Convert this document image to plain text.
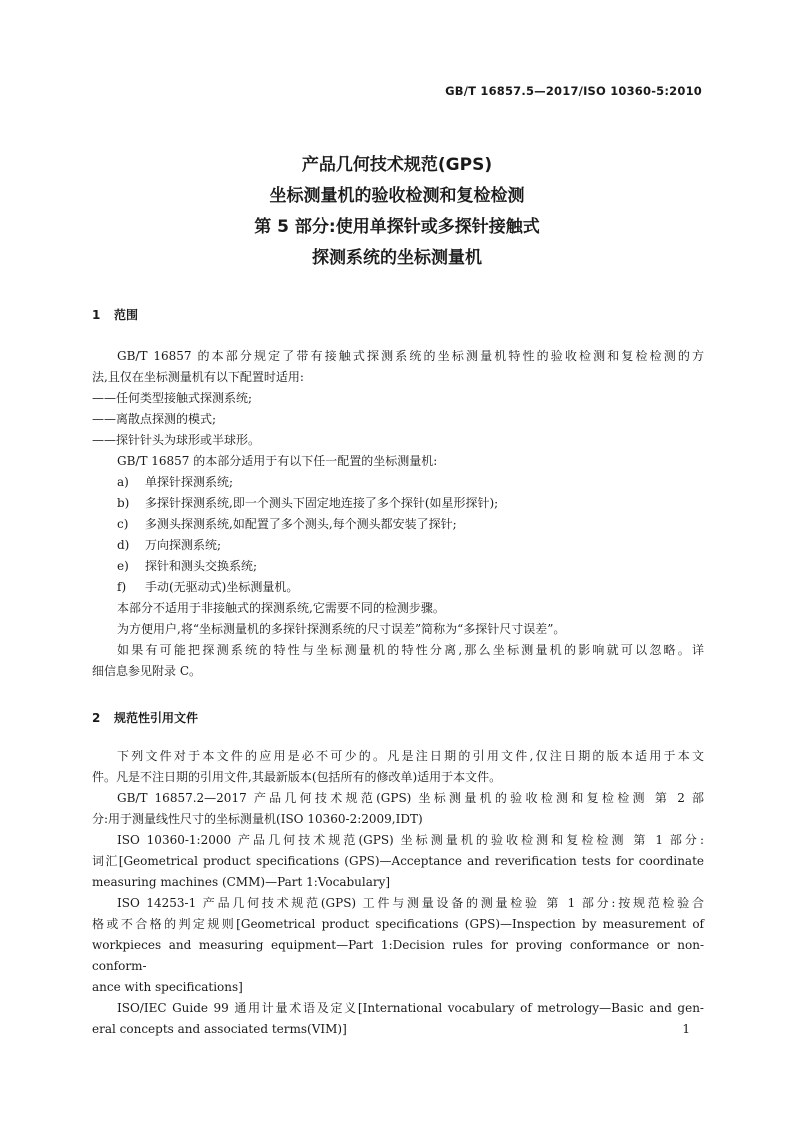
GB/T 16857.5—2017/ISO 10360-5:2010
产品几何技术规范(GPS)
坐标测量机的验收检测和复检检测
第 5 部分:使用单探针或多探针接触式
探测系统的坐标测量机
1 范围

GB/T 16857 的本部分规定了带有接触式探测系统的坐标测量机特性的验收检测和复检检测的方

法,且仅在坐标测量机有以下配置时适用:

——任何类型接触式探测系统;

——离散点探测的模式;

——探针针头为球形或半球形。

GB/T 16857 的本部分适用于有以下任一配置的坐标测量机:

a) 单探针探测系统;

b) 多探针探测系统,即一个测头下固定地连接了多个探针(如星形探针);

c) 多测头探测系统,如配置了多个测头,每个测头都安装了探针;

d) 万向探测系统;

e) 探针和测头交换系统;

f) 手动(无驱动式)坐标测量机。

本部分不适用于非接触式的探测系统,它需要不同的检测步骤。

为方便用户,将“坐标测量机的多探针探测系统的尺寸误差”简称为“多探针尺寸误差”。

如果有可能把探测系统的特性与坐标测量机的特性分离,那么坐标测量机的影响就可以忽略。详

细信息参见附录 C。

2 规范性引用文件

下列文件对于本文件的应用是必不可少的。凡是注日期的引用文件,仅注日期的版本适用于本文

件。凡是不注日期的引用文件,其最新版本(包括所有的修改单)适用于本文件。

GB/T 16857.2—2017 产品几何技术规范(GPS) 坐标测量机的验收检测和复检检测 第 2 部

分:用于测量线性尺寸的坐标测量机(ISO 10360-2:2009,IDT)

ISO 10360-1:2000 产品几何技术规范(GPS) 坐标测量机的验收检测和复检检测 第 1 部分:

词汇[Geometrical product specifications (GPS)—Acceptance and reverification tests for coordinate

measuring machines (CMM)—Part 1:Vocabulary]

ISO 14253-1 产品几何技术规范(GPS) 工件与测量设备的测量检验 第 1 部分:按规范检验合

格或不合格的判定规则[Geometrical product specifications (GPS)—Inspection by measurement of

workpieces and measuring equipment—Part 1:Decision rules for proving conformance or non-conform-

ance with specifications]

ISO/IEC Guide 99 通用计量术语及定义[International vocabulary of metrology—Basic and gen-

eral concepts and associated terms(VIM)]	1
